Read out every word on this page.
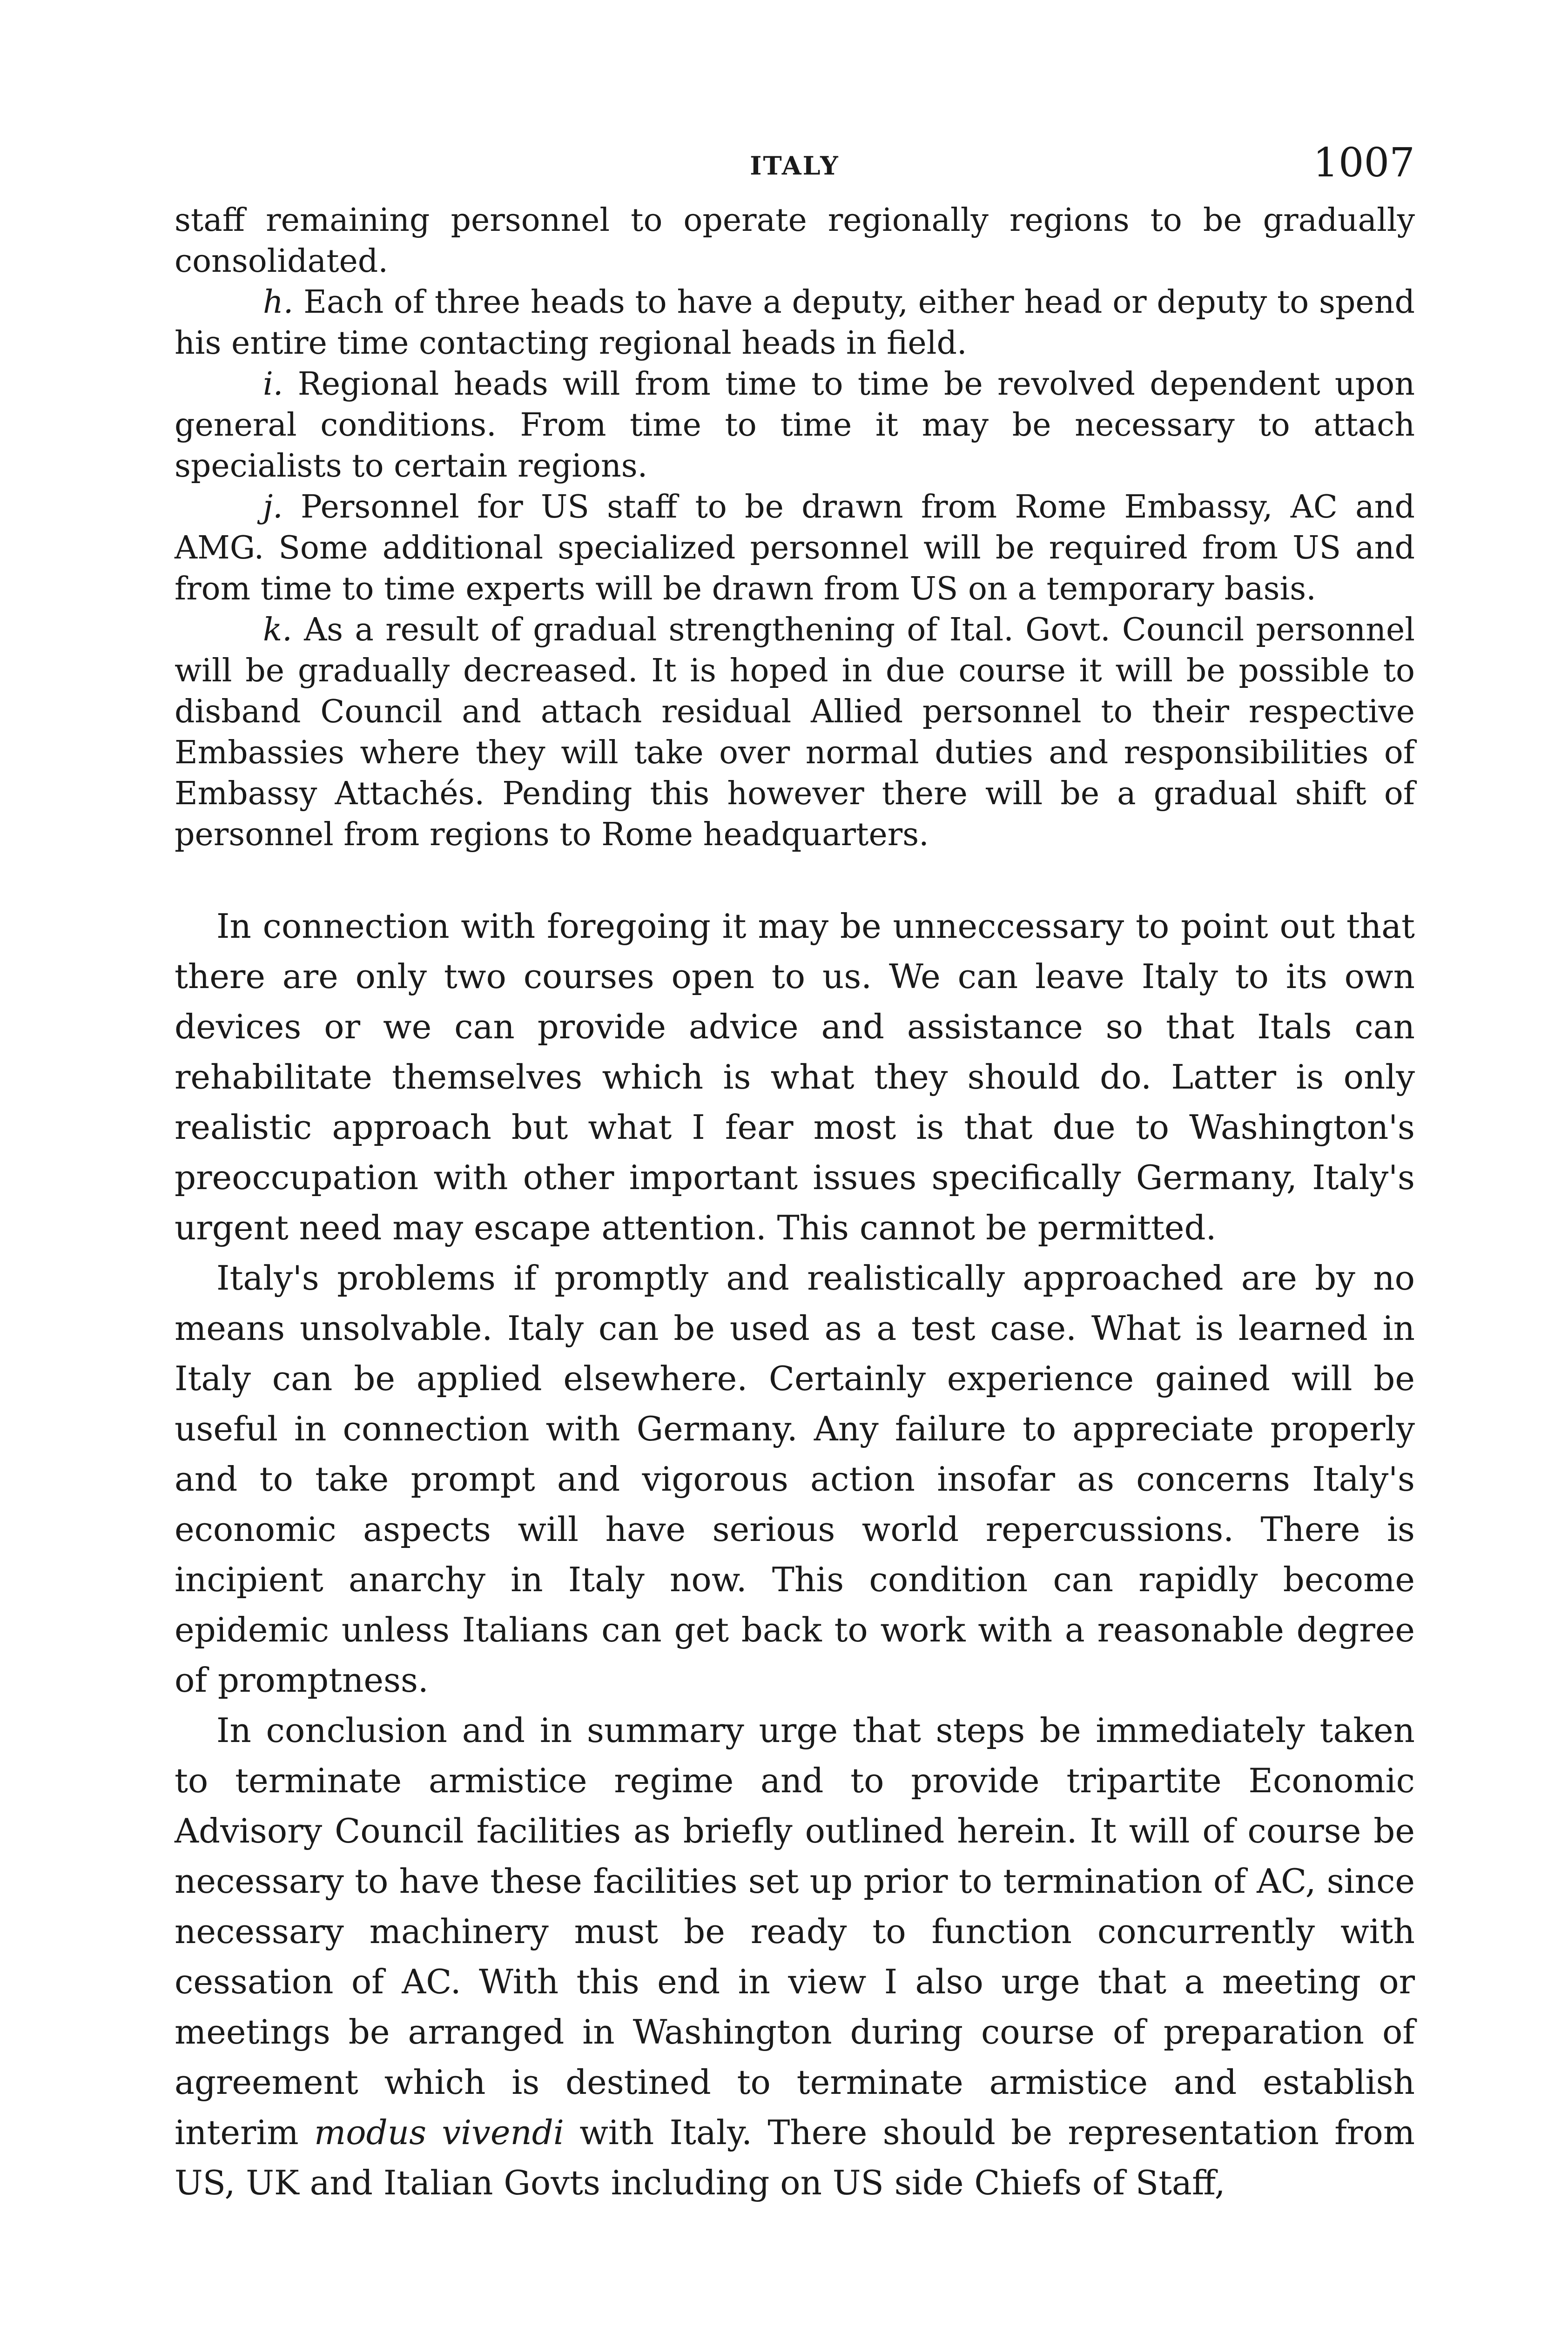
ITALY	1007

staff remaining personnel to operate regionally regions to be gradually consolidated.

h. Each of three heads to have a deputy, either head or deputy to spend his entire time contacting regional heads in field.

i. Regional heads will from time to time be revolved dependent upon general conditions. From time to time it may be necessary to attach specialists to certain regions.

j. Personnel for US staff to be drawn from Rome Embassy, AC and AMG. Some additional specialized personnel will be required from US and from time to time experts will be drawn from US on a temporary basis.

k. As a result of gradual strengthening of Ital. Govt. Council personnel will be gradually decreased. It is hoped in due course it will be possible to disband Council and attach residual Allied personnel to their respective Embassies where they will take over normal duties and responsibilities of Embassy Attachés. Pending this however there will be a gradual shift of personnel from regions to Rome headquarters.

In connection with foregoing it may be unneccessary to point out that there are only two courses open to us. We can leave Italy to its own devices or we can provide advice and assistance so that Itals can rehabilitate themselves which is what they should do. Latter is only realistic approach but what I fear most is that due to Washington's preoccupation with other important issues specifically Germany, Italy's urgent need may escape attention. This cannot be permitted.

Italy's problems if promptly and realistically approached are by no means unsolvable. Italy can be used as a test case. What is learned in Italy can be applied elsewhere. Certainly experience gained will be useful in connection with Germany. Any failure to appreciate properly and to take prompt and vigorous action insofar as concerns Italy's economic aspects will have serious world repercussions. There is incipient anarchy in Italy now. This condition can rapidly become epidemic unless Italians can get back to work with a reasonable degree of promptness.

In conclusion and in summary urge that steps be immediately taken to terminate armistice regime and to provide tripartite Economic Advisory Council facilities as briefly outlined herein. It will of course be necessary to have these facilities set up prior to termination of AC, since necessary machinery must be ready to function concurrently with cessation of AC. With this end in view I also urge that a meeting or meetings be arranged in Washington during course of preparation of agreement which is destined to terminate armistice and establish interim modus vivendi with Italy. There should be representation from US, UK and Italian Govts including on US side Chiefs of Staff,
